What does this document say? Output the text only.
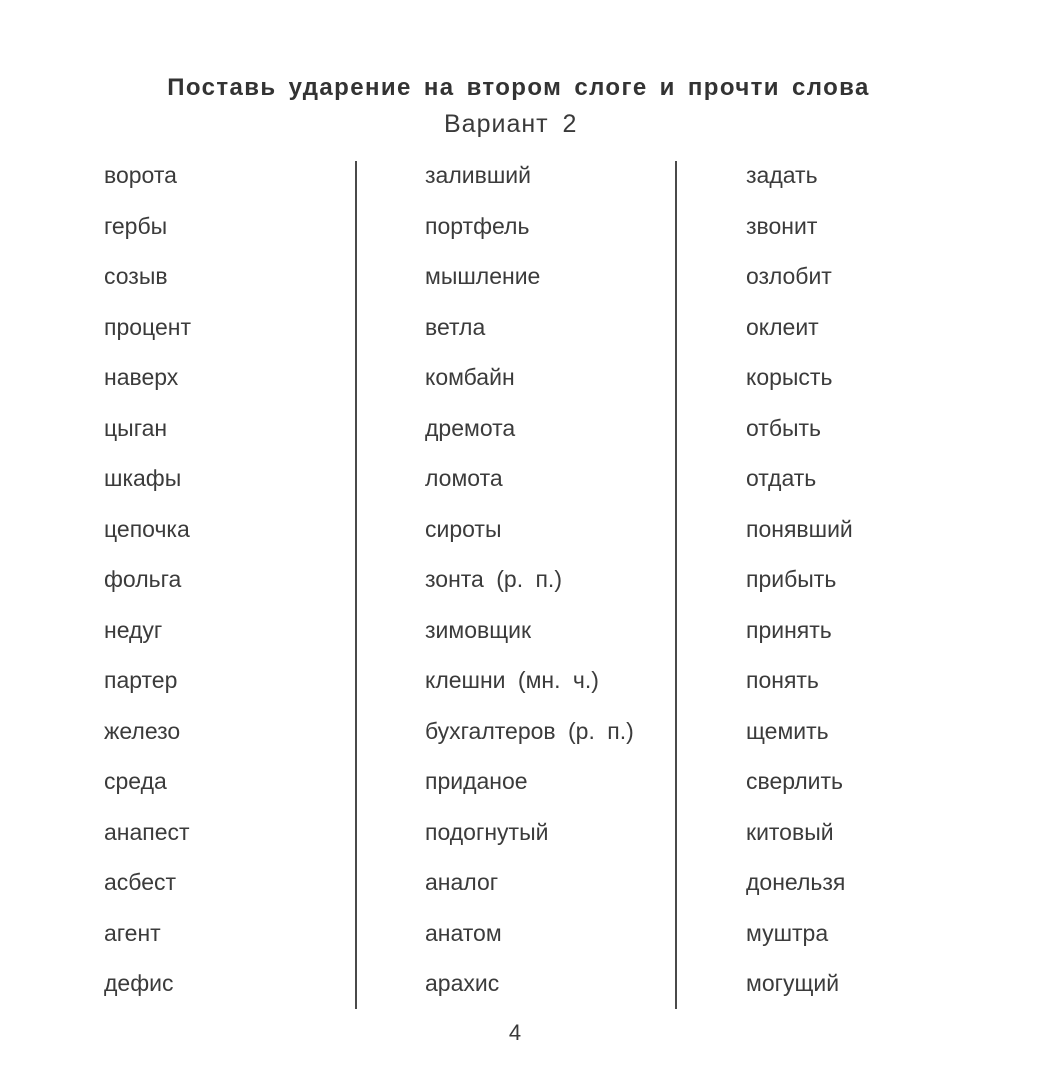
Поставь ударение на втором слоге и прочти слова
Вариант 2
ворота
гербы
созыв
процент
наверх
цыган
шкафы
цепочка
фольга
недуг
партер
железо
среда
анапест
асбест
агент
дефис
заливший
портфель
мышление
ветла
комбайн
дремота
ломота
сироты
зонта (р. п.)
зимовщик
клешни (мн. ч.)
бухгалтеров (р. п.)
приданое
подогнутый
аналог
анатом
арахис
задать
звонит
озлобит
оклеит
корысть
отбыть
отдать
понявший
прибыть
принять
понять
щемить
сверлить
китовый
донельзя
муштра
могущий
4
